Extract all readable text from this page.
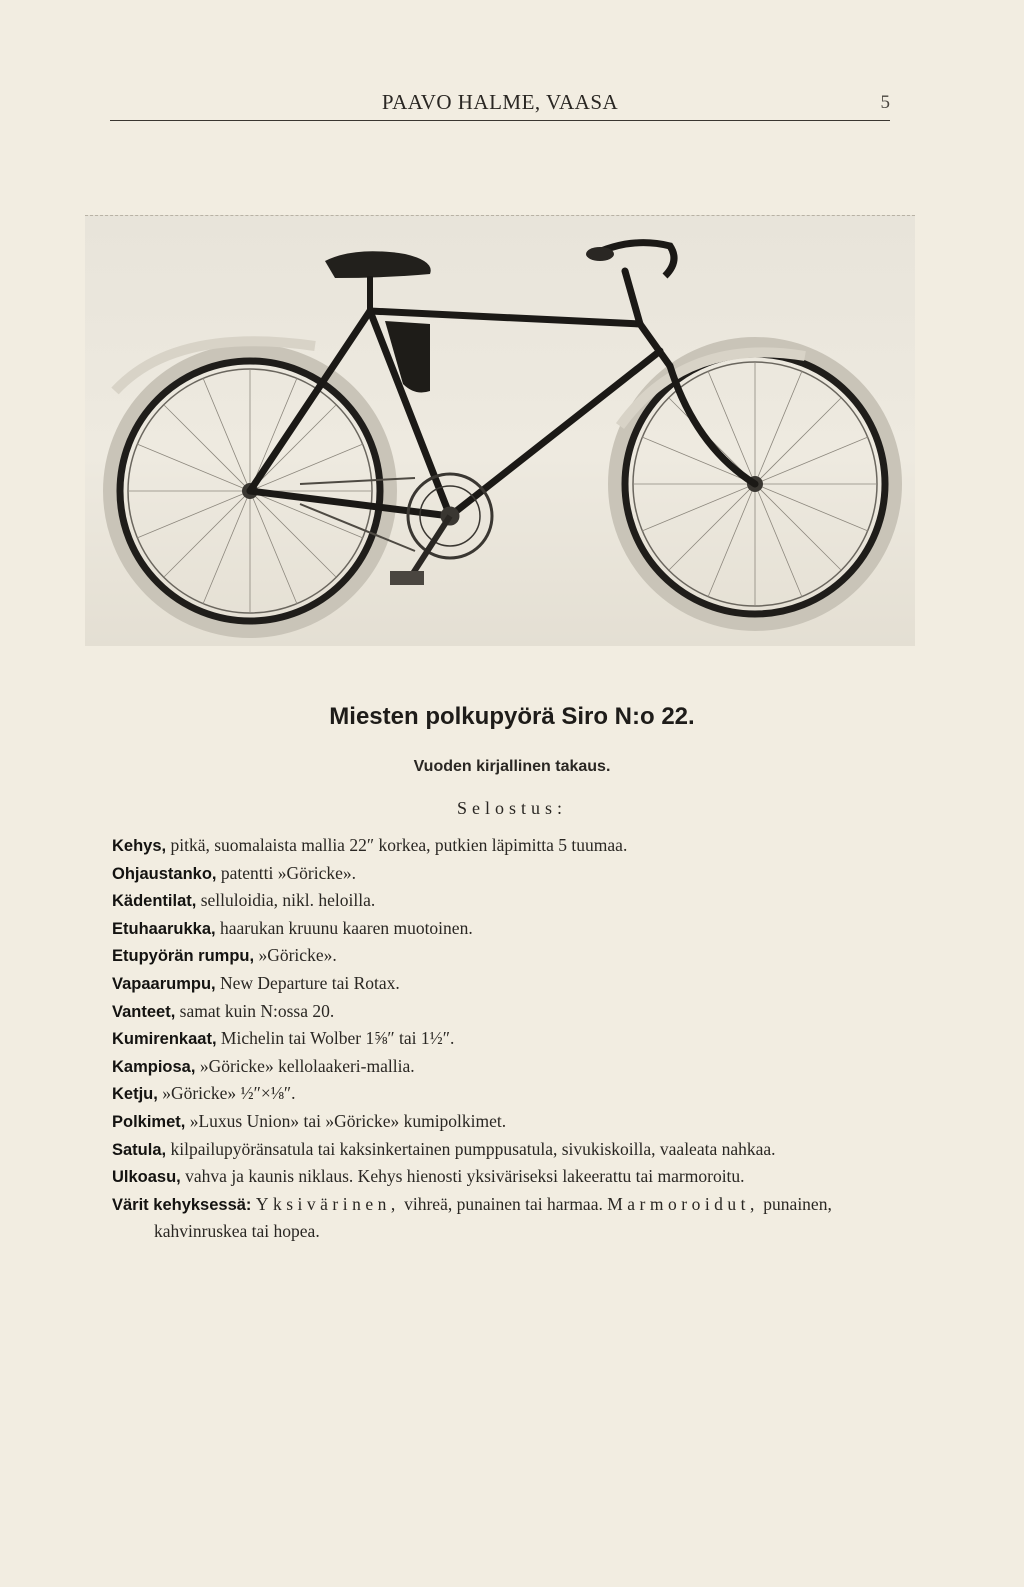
PAAVO HALME, VAASA	5
Miesten polkupyörä Siro N:o 22.
Vuoden kirjallinen takaus.
Selostus:
Kehys, pitkä, suomalaista mallia 22″ korkea, putkien läpimitta 5 tuumaa.
Ohjaustanko, patentti »Göricke».
Kädentilat, selluloidia, nikl. heloilla.
Etuhaarukka, haarukan kruunu kaaren muotoinen.
Etupyörän rumpu, »Göricke».
Vapaarumpu, New Departure tai Rotax.
Vanteet, samat kuin N:ossa 20.
Kumirenkaat, Michelin tai Wolber 1⅝″ tai 1½″.
Kampiosa, »Göricke» kellolaakeri-mallia.
Ketju, »Göricke» ½″×⅛″.
Polkimet, »Luxus Union» tai »Göricke» kumipolkimet.
Satula, kilpailupyöränsatula tai kaksinkertainen pumppusatula, sivukiskoilla, vaaleata nahkaa.
Ulkoasu, vahva ja kaunis niklaus. Kehys hienosti yksiväriseksi lakeerattu tai marmoroitu.
Värit kehyksessä: Yksivärinen, vihreä, punainen tai harmaa. Marmoroidut, punainen, kahvinruskea tai hopea.
